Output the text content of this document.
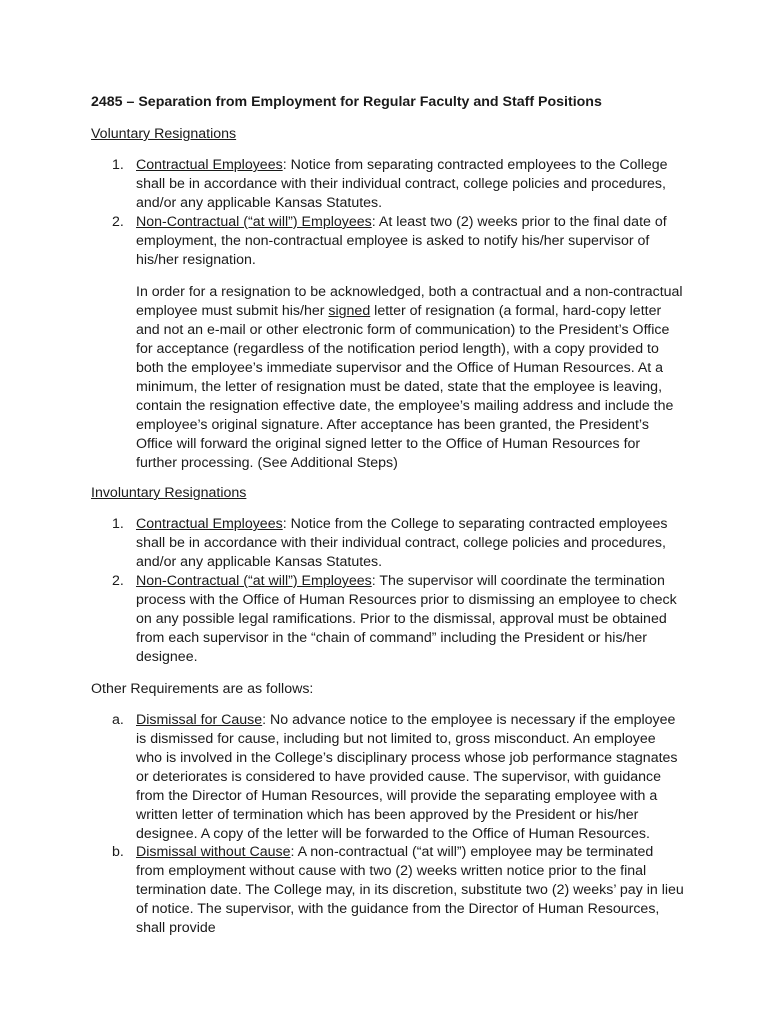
2485 – Separation from Employment for Regular Faculty and Staff Positions
Voluntary Resignations
1. Contractual Employees: Notice from separating contracted employees to the College shall be in accordance with their individual contract, college policies and procedures, and/or any applicable Kansas Statutes.
2. Non-Contractual (“at will”) Employees: At least two (2) weeks prior to the final date of employment, the non-contractual employee is asked to notify his/her supervisor of his/her resignation.
In order for a resignation to be acknowledged, both a contractual and a non-contractual employee must submit his/her signed letter of resignation (a formal, hard-copy letter and not an e-mail or other electronic form of communication) to the President’s Office for acceptance (regardless of the notification period length), with a copy provided to both the employee’s immediate supervisor and the Office of Human Resources. At a minimum, the letter of resignation must be dated, state that the employee is leaving, contain the resignation effective date, the employee’s mailing address and include the employee’s original signature. After acceptance has been granted, the President’s Office will forward the original signed letter to the Office of Human Resources for further processing. (See Additional Steps)
Involuntary Resignations
1. Contractual Employees: Notice from the College to separating contracted employees shall be in accordance with their individual contract, college policies and procedures, and/or any applicable Kansas Statutes.
2. Non-Contractual (“at will”) Employees: The supervisor will coordinate the termination process with the Office of Human Resources prior to dismissing an employee to check on any possible legal ramifications. Prior to the dismissal, approval must be obtained from each supervisor in the “chain of command” including the President or his/her designee.
Other Requirements are as follows:
a. Dismissal for Cause: No advance notice to the employee is necessary if the employee is dismissed for cause, including but not limited to, gross misconduct. An employee who is involved in the College’s disciplinary process whose job performance stagnates or deteriorates is considered to have provided cause. The supervisor, with guidance from the Director of Human Resources, will provide the separating employee with a written letter of termination which has been approved by the President or his/her designee. A copy of the letter will be forwarded to the Office of Human Resources.
b. Dismissal without Cause: A non-contractual (“at will”) employee may be terminated from employment without cause with two (2) weeks written notice prior to the final termination date. The College may, in its discretion, substitute two (2) weeks’ pay in lieu of notice. The supervisor, with the guidance from the Director of Human Resources, shall provide
